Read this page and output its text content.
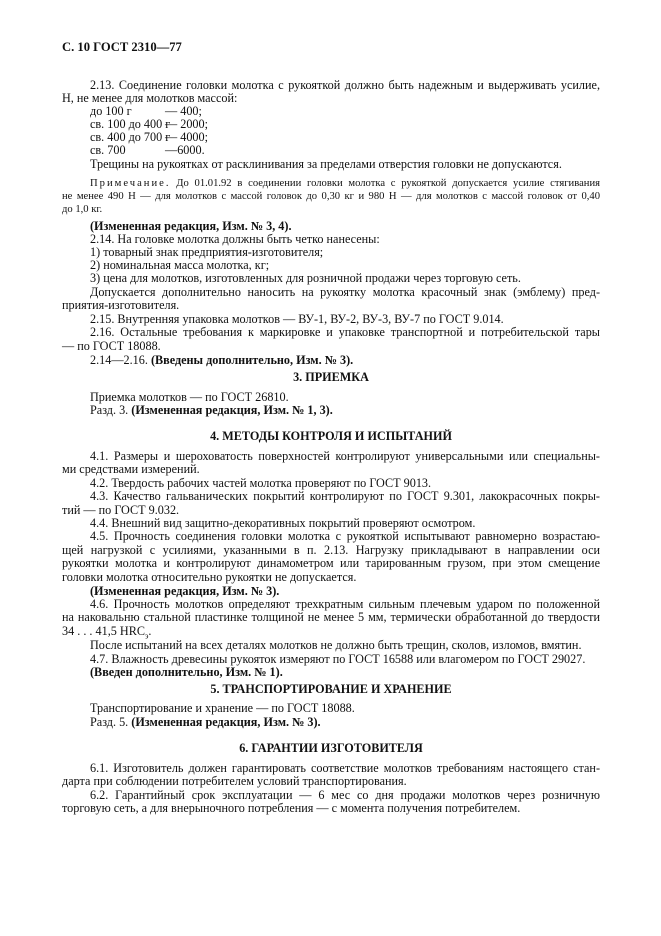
С. 10 ГОСТ 2310—77
2.13. Соединение головки молотка с рукояткой должно быть надежным и выдерживать усилие,
Н, не менее для молотков массой:
до 100 г	— 400;
св. 100 до 400 г
— 2000;
св. 400 до 700 г
— 4000;
св. 700	—6000.
Трещины на рукоятках от расклинивания за пределами отверстия головки не допускаются.
Примечание. До 01.01.92 в соединении головки молотка с рукояткой допускается усилие стягивания
не менее 490 Н — для молотков с массой головок до 0,30 кг и 980 Н — для молотков с массой головок от 0,40
до 1,0 кг.
(Измененная редакция, Изм. № 3, 4).
2.14. На головке молотка должны быть четко нанесены:
1) товарный знак предприятия-изготовителя;
2) номинальная масса молотка, кг;
3) цена для молотков, изготовленных для розничной продажи через торговую сеть.
Допускается дополнительно наносить на рукоятку молотка красочный знак (эмблему) пред-
приятия-изготовителя.
2.15. Внутренняя упаковка молотков — ВУ-1, ВУ-2, ВУ-3, ВУ-7 по ГОСТ 9.014.
2.16. Остальные требования к маркировке и упаковке транспортной и потребительской тары
— по ГОСТ 18088.
2.14—2.16. (Введены дополнительно, Изм. № 3).
3. ПРИЕМКА
Приемка молотков — по ГОСТ 26810.
Разд. 3. (Измененная редакция, Изм. № 1, 3).
4. МЕТОДЫ КОНТРОЛЯ И ИСПЫТАНИЙ
4.1. Размеры и шероховатость поверхностей контролируют универсальными или специальны-
ми средствами измерений.
4.2. Твердость рабочих частей молотка проверяют по ГОСТ 9013.
4.3. Качество гальванических покрытий контролируют по ГОСТ 9.301, лакокрасочных покры-
тий — по ГОСТ 9.032.
4.4. Внешний вид защитно-декоративных покрытий проверяют осмотром.
4.5. Прочность соединения головки молотка с рукояткой испытывают равномерно возрастаю-
щей нагрузкой с усилиями, указанными в п. 2.13. Нагрузку прикладывают в направлении оси
рукоятки молотка и контролируют динамометром или тарированным грузом, при этом смещение
головки молотка относительно рукоятки не допускается.
(Измененная редакция, Изм. № 3).
4.6. Прочность молотков определяют трехкратным сильным плечевым ударом по положенной
на наковальню стальной пластинке толщиной не менее 5 мм, термически обработанной до твердости
34 . . . 41,5 $HRC_э$.
После испытаний на всех деталях молотков не должно быть трещин, сколов, изломов, вмятин.
4.7. Влажность древесины рукояток измеряют по ГОСТ 16588 или влагомером по ГОСТ 29027.
(Введен дополнительно, Изм. № 1).
5. ТРАНСПОРТИРОВАНИЕ И ХРАНЕНИЕ
Транспортирование и хранение — по ГОСТ 18088.
Разд. 5. (Измененная редакция, Изм. № 3).
6. ГАРАНТИИ ИЗГОТОВИТЕЛЯ
6.1. Изготовитель должен гарантировать соответствие молотков требованиям настоящего стан-
дарта при соблюдении потребителем условий транспортирования.
6.2. Гарантийный срок эксплуатации — 6 мес со дня продажи молотков через розничную
торговую сеть, а для внерыночного потребления — с момента получения потребителем.
